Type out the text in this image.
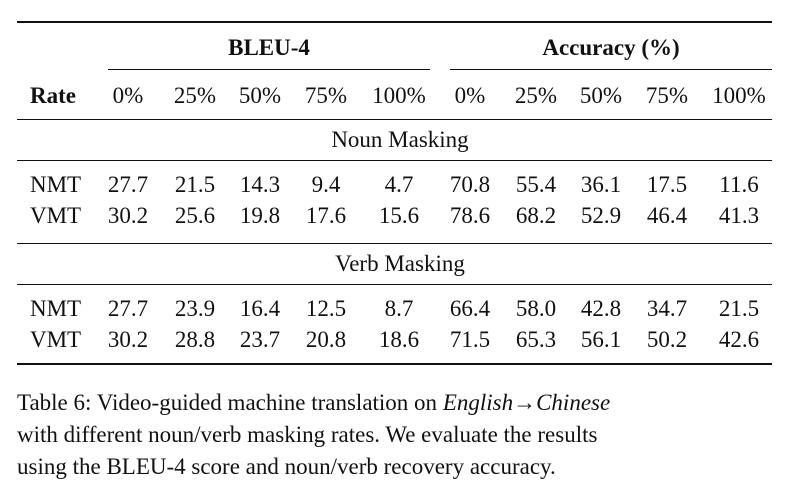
BLEU-4	Accuracy (%)
Rate 0% 25% 50% 75% 100% 0% 25% 50% 75% 100%
Noun Masking
NMT 27.7 21.5 14.3 9.4 4.7 70.8 55.4 36.1 17.5 11.6
VMT 30.2 25.6 19.8 17.6 15.6 78.6 68.2 52.9 46.4 41.3
Verb Masking
NMT 27.7 23.9 16.4 12.5 8.7 66.4 58.0 42.8 34.7 21.5
VMT 30.2 28.8 23.7 20.8 18.6 71.5 65.3 56.1 50.2 42.6
Table 6: Video-guided machine translation on English→Chinese
with different noun/verb masking rates. We evaluate the results
using the BLEU-4 score and noun/verb recovery accuracy.
